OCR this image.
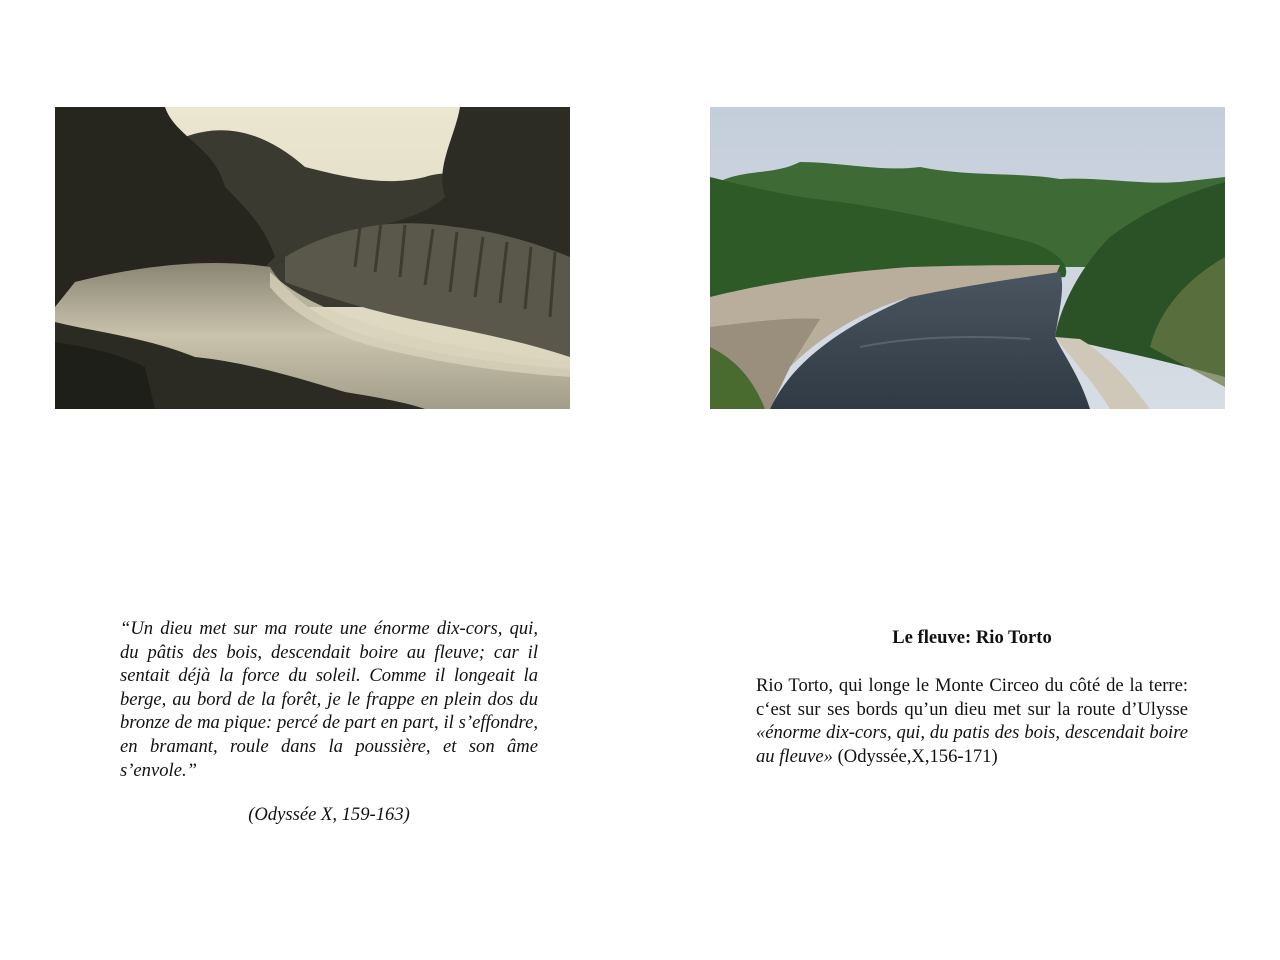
“Un dieu met sur ma route une énorme dix-cors, qui, du pâtis des bois, descendait boire au fleuve; car il sentait déjà la force du soleil. Comme il longeait la berge, au bord de la forêt, je le frappe en plein dos du bronze de ma pique: percé de part en part, il s’effondre, en bramant, roule dans la poussière, et son âme s’envole.”
(Odyssée X, 159-163)
Le fleuve: Rio Torto
Rio Torto, qui longe le Monte Circeo du côté de la terre: c‘est sur ses bords qu’un dieu met sur la route d’Ulysse «énorme dix-cors, qui, du patis des bois, descendait boire au fleuve» (Odyssée,X,156-171)
